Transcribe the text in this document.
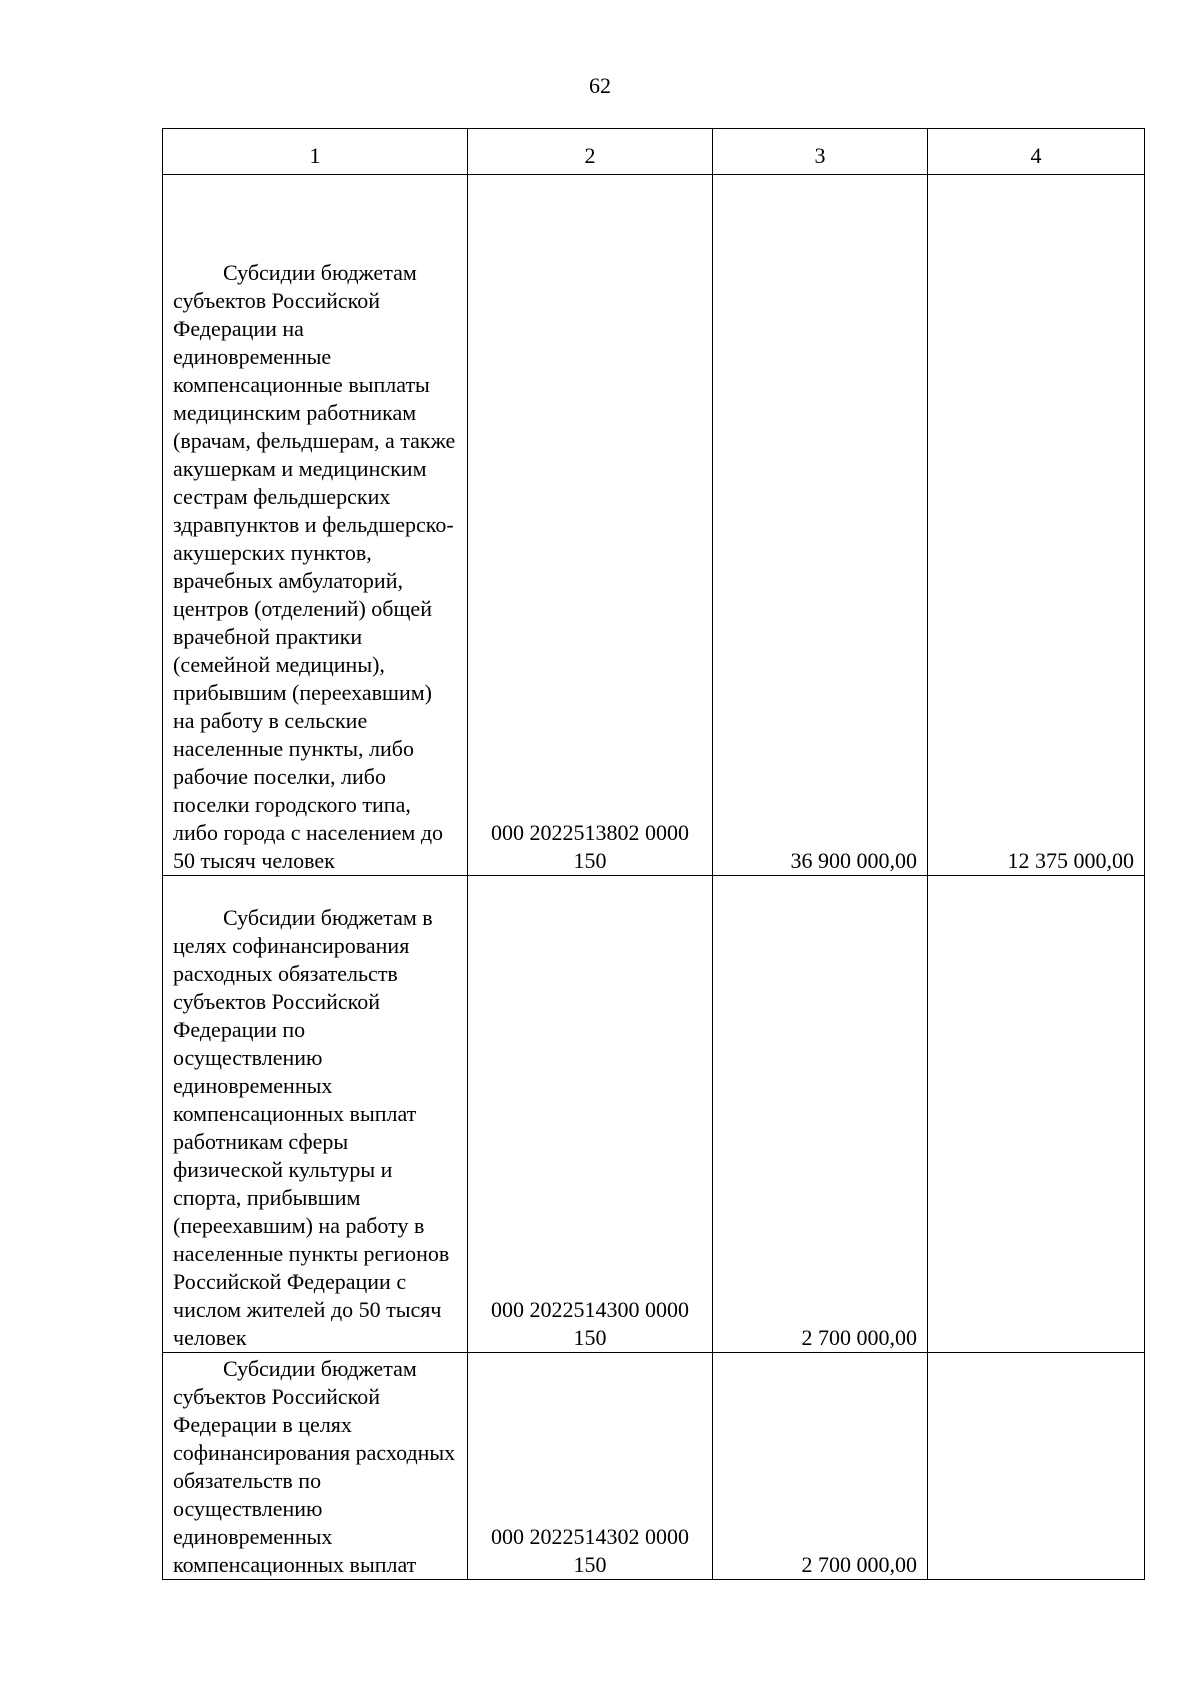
62
1	2	3	4

Субсидии бюджетам субъектов Российской Федерации на единовременные компенсационные выплаты медицинским работникам (врачам, фельдшерам, а также акушеркам и медицинским сестрам фельдшерских здравпунктов и фельдшерско-акушерских пунктов, врачебных амбулаторий, центров (отделений) общей врачебной практики (семейной медицины), прибывшим (переехавшим) на работу в сельские населенные пункты, либо рабочие поселки, либо поселки городского типа, либо города с населением до 50 тысяч человек	000 2022513802 0000 150	36 900 000,00	12 375 000,00

Субсидии бюджетам в целях софинансирования расходных обязательств субъектов Российской Федерации по осуществлению единовременных компенсационных выплат работникам сферы физической культуры и спорта, прибывшим (переехавшим) на работу в населенные пункты регионов Российской Федерации с числом жителей до 50 тысяч человек	000 2022514300 0000 150	2 700 000,00	

Субсидии бюджетам субъектов Российской Федерации в целях софинансирования расходных обязательств по осуществлению единовременных компенсационных выплат	000 2022514302 0000 150	2 700 000,00	
